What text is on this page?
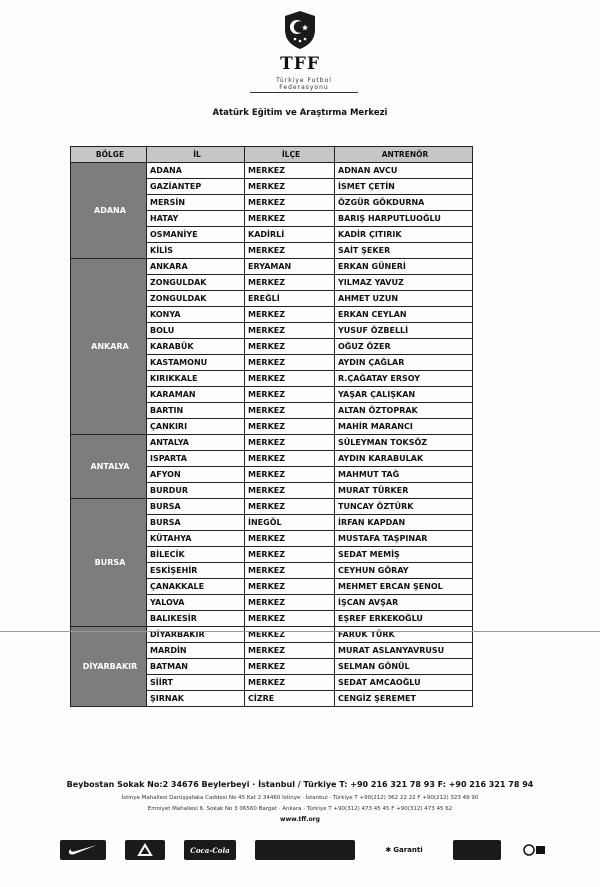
TFF
Türkiye Futbol Federasyonu
Atatürk Eğitim ve Araştırma Merkezi
BÖLGE	İL	İLÇE	ANTRENÖR
ADANA	ADANA	MERKEZ	ADNAN AVCU
	GAZİANTEP	MERKEZ	İSMET ÇETİN
	MERSİN	MERKEZ	ÖZGÜR GÖKDURNA
	HATAY	MERKEZ	BARIŞ HARPUTLUOĞLU
	OSMANİYE	KADİRLİ	KADİR ÇITIRIK
	KİLİS	MERKEZ	SAİT ŞEKER
ANKARA	ANKARA	ERYAMAN	ERKAN GÜNERİ
	ZONGULDAK	MERKEZ	YILMAZ YAVUZ
	ZONGULDAK	EREĞLİ	AHMET UZUN
	KONYA	MERKEZ	ERKAN CEYLAN
	BOLU	MERKEZ	YUSUF ÖZBELLİ
	KARABÜK	MERKEZ	OĞUZ ÖZER
	KASTAMONU	MERKEZ	AYDIN ÇAĞLAR
	KIRIKKALE	MERKEZ	R.ÇAĞATAY ERSOY
	KARAMAN	MERKEZ	YAŞAR ÇALIŞKAN
	BARTIN	MERKEZ	ALTAN ÖZTOPRAK
	ÇANKIRI	MERKEZ	MAHİR MARANCI
ANTALYA	ANTALYA	MERKEZ	SÜLEYMAN TOKSÖZ
	ISPARTA	MERKEZ	AYDIN KARABULAK
	AFYON	MERKEZ	MAHMUT TAĞ
	BURDUR	MERKEZ	MURAT TÜRKER
BURSA	BURSA	MERKEZ	TUNCAY ÖZTÜRK
	BURSA	İNEGÖL	İRFAN KAPDAN
	KÜTAHYA	MERKEZ	MUSTAFA TAŞPINAR
	BİLECİK	MERKEZ	SEDAT MEMİŞ
	ESKİŞEHİR	MERKEZ	CEYHUN GÖRAY
	ÇANAKKALE	MERKEZ	MEHMET ERCAN ŞENOL
	YALOVA	MERKEZ	İŞCAN AVŞAR
	BALIKESİR	MERKEZ	EŞREF ERKEKOĞLU
DİYARBAKIR	DİYARBAKIR	MERKEZ	FARUK TÜRK
	MARDİN	MERKEZ	MURAT ASLANYAVRUSU
	BATMAN	MERKEZ	SELMAN GÖNÜL
	SİİRT	MERKEZ	SEDAT AMCAOĞLU
	ŞIRNAK	CİZRE	CENGİZ ŞEREMET
Beybostan Sokak No:2 34676 Beylerbeyi · İstanbul / Türkiye T: +90 216 321 78 93 F: +90 216 321 78 94
İstinye Mahallesi Darüşşafaka Caddesi No 45 Kat 2 34460 İstinye · İstanbul · Türkiye T +90(212) 362 22 22 F +90(212) 323 49 90
Emniyet Mahallesi 6. Sokak No 3 06560 Bargat · Ankara · Türkiye T +90(312) 473 45 45 F +90(312) 473 45 62
www.tff.org
Coca-Cola	✱ Garanti
